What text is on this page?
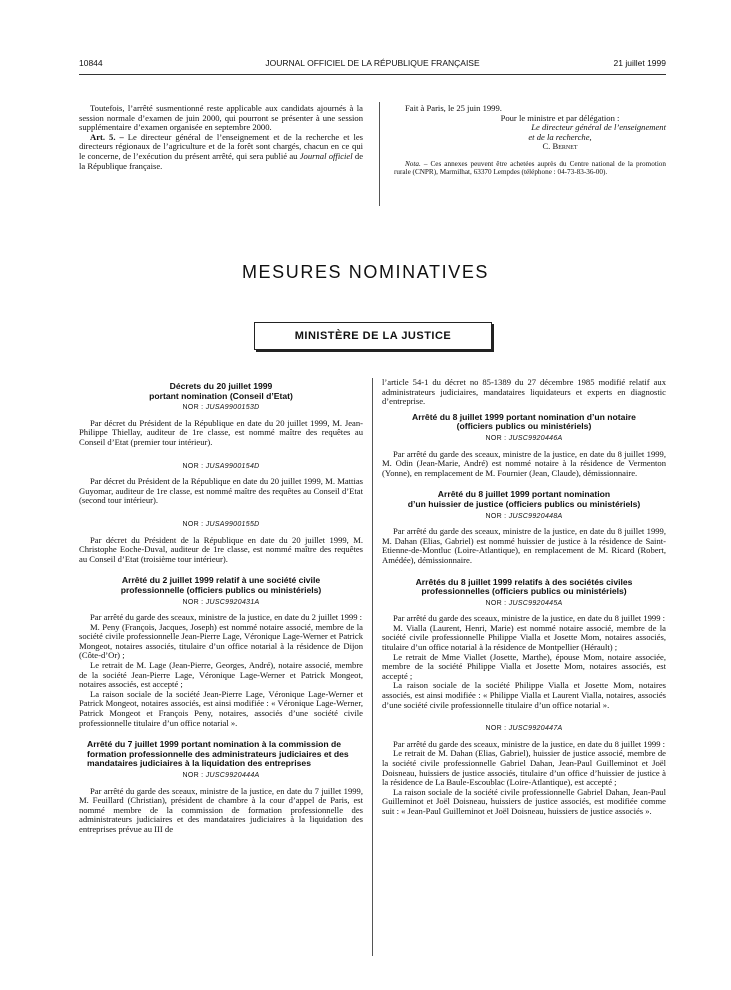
10844	JOURNAL OFFICIEL DE LA RÉPUBLIQUE FRANÇAISE	21 juillet 1999

Toutefois, l’arrêté susmentionné reste applicable aux candidats ajournés à la session normale d’examen de juin 2000, qui pourront se présenter à une session supplémentaire d’examen organisée en septembre 2000.

Art. 5. – Le directeur général de l’enseignement et de la recherche et les directeurs régionaux de l’agriculture et de la forêt sont chargés, chacun en ce qui le concerne, de l’exécution du présent arrêté, qui sera publié au Journal officiel de la République française.

Fait à Paris, le 25 juin 1999.

Pour le ministre et par délégation :

Le directeur général de l’enseignement

et de la recherche,

C. Bernet

Nota. – Ces annexes peuvent être achetées auprès du Centre national de la promotion rurale (CNPR), Marmilhat, 63370 Lempdes (téléphone : 04-73-83-36-00).

MESURES NOMINATIVES
MINISTÈRE DE LA JUSTICE
Décrets du 20 juillet 1999
portant nomination (Conseil d’Etat)
NOR : JUSA9900153D

Par décret du Président de la République en date du 20 juillet 1999, M. Jean-Philippe Thiellay, auditeur de 1re classe, est nommé maître des requêtes au Conseil d’Etat (premier tour intérieur).

NOR : JUSA9900154D

Par décret du Président de la République en date du 20 juillet 1999, M. Mattias Guyomar, auditeur de 1re classe, est nommé maître des requêtes au Conseil d’Etat (second tour intérieur).

NOR : JUSA9900155D

Par décret du Président de la République en date du 20 juillet 1999, M. Christophe Eoche-Duval, auditeur de 1re classe, est nommé maître des requêtes au Conseil d’Etat (troisième tour intérieur).

Arrêté du 2 juillet 1999 relatif à une société civile
professionnelle (officiers publics ou ministériels)
NOR : JUSC9920431A

Par arrêté du garde des sceaux, ministre de la justice, en date du 2 juillet 1999 :

M. Peny (François, Jacques, Joseph) est nommé notaire associé, membre de la société civile professionnelle Jean-Pierre Lage, Véronique Lage-Werner et Patrick Mongeot, notaires associés, titulaire d’un office notarial à la résidence de Dijon (Côte-d’Or) ;

Le retrait de M. Lage (Jean-Pierre, Georges, André), notaire associé, membre de la société Jean-Pierre Lage, Véronique Lage-Werner et Patrick Mongeot, notaires associés, est accepté ;

La raison sociale de la société Jean-Pierre Lage, Véronique Lage-Werner et Patrick Mongeot, notaires associés, est ainsi modifiée : « Véronique Lage-Werner, Patrick Mongeot et François Peny, notaires, associés d’une société civile professionnelle titulaire d’un office notarial ».

Arrêté du 7 juillet 1999 portant nomination à la commission de formation professionnelle des administrateurs judiciaires et des mandataires judiciaires à la liquidation des entreprises
NOR : JUSC9920444A

Par arrêté du garde des sceaux, ministre de la justice, en date du 7 juillet 1999, M. Feuillard (Christian), président de chambre à la cour d’appel de Paris, est nommé membre de la commission de formation professionnelle des administrateurs judiciaires et des mandataires judiciaires à la liquidation des entreprises prévue au III de

l’article 54-1 du décret no 85-1389 du 27 décembre 1985 modifié relatif aux administrateurs judiciaires, mandataires liquidateurs et experts en diagnostic d’entreprise.

Arrêté du 8 juillet 1999 portant nomination d’un notaire
(officiers publics ou ministériels)
NOR : JUSC9920446A

Par arrêté du garde des sceaux, ministre de la justice, en date du 8 juillet 1999, M. Odin (Jean-Marie, André) est nommé notaire à la résidence de Vermenton (Yonne), en remplacement de M. Fournier (Jean, Claude), démissionnaire.

Arrêté du 8 juillet 1999 portant nomination
d’un huissier de justice (officiers publics ou ministériels)
NOR : JUSC9920448A

Par arrêté du garde des sceaux, ministre de la justice, en date du 8 juillet 1999, M. Dahan (Elias, Gabriel) est nommé huissier de justice à la résidence de Saint-Etienne-de-Montluc (Loire-Atlantique), en remplacement de M. Ricard (Robert, Amédée), démissionnaire.

Arrêtés du 8 juillet 1999 relatifs à des sociétés civiles
professionnelles (officiers publics ou ministériels)
NOR : JUSC9920445A

Par arrêté du garde des sceaux, ministre de la justice, en date du 8 juillet 1999 :

M. Vialla (Laurent, Henri, Marie) est nommé notaire associé, membre de la société civile professionnelle Philippe Vialla et Josette Mom, notaires associés, titulaire d’un office notarial à la résidence de Montpellier (Hérault) ;

Le retrait de Mme Viallet (Josette, Marthe), épouse Mom, notaire associée, membre de la société Philippe Vialla et Josette Mom, notaires associés, est accepté ;

La raison sociale de la société Philippe Vialla et Josette Mom, notaires associés, est ainsi modifiée : « Philippe Vialla et Laurent Vialla, notaires, associés d’une société civile professionnelle titulaire d’un office notarial ».

NOR : JUSC9920447A

Par arrêté du garde des sceaux, ministre de la justice, en date du 8 juillet 1999 :

Le retrait de M. Dahan (Elias, Gabriel), huissier de justice associé, membre de la société civile professionnelle Gabriel Dahan, Jean-Paul Guilleminot et Joël Doisneau, huissiers de justice associés, titulaire d’un office d’huissier de justice à la résidence de La Baule-Escoublac (Loire-Atlantique), est accepté ;

La raison sociale de la société civile professionnelle Gabriel Dahan, Jean-Paul Guilleminot et Joël Doisneau, huissiers de justice associés, est modifiée comme suit : « Jean-Paul Guilleminot et Joël Doisneau, huissiers de justice associés ».
